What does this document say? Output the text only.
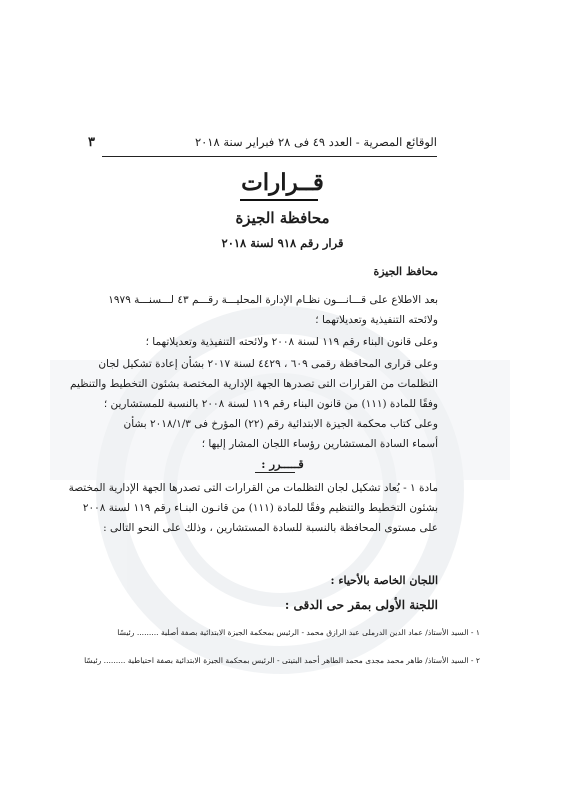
الوقائع المصرية - العدد ٤٩ فى ٢٨ فبراير سنة ٢٠١٨
٣
قــرارات
محافظة الجيزة
قرار رقم ٩١٨ لسنة ٢٠١٨
محافظ الجيزة
بعد الاطلاع على قـــانـــون نظـام الإدارة المحليـــة رقـــم ٤٣ لـــسنـــة ١٩٧٩
ولائحته التنفيذية وتعديلاتهما ؛
وعلى قانون البناء رقم ١١٩ لسنة ٢٠٠٨ ولائحته التنفيذية وتعديلاتهما ؛
وعلى قرارى المحافظة رقمى ٦٠٩ ، ٤٤٢٩ لسنة ٢٠١٧ بشأن إعادة تشكيل لجان
التظلمات من القرارات التى تصدرها الجهة الإدارية المختصة بشئون التخطيط والتنظيم
وفقًا للمادة (١١١) من قانون البناء رقم ١١٩ لسنة ٢٠٠٨ بالنسبة للمستشارين ؛
وعلى كتاب محكمة الجيزة الابتدائية رقم (٢٢) المؤرخ فى ٢٠١٨/١/٣ بشأن
أسماء السادة المستشارين رؤساء اللجان المشار إليها ؛
قـــــرر :
مادة ١ - يُعاد تشكيل لجان التظلمات من القرارات التى تصدرها الجهة الإدارية المختصة
بشئون التخطيط والتنظيم وفقًا للمادة (١١١) من قانـون البنـاء رقم ١١٩ لسنة ٢٠٠٨
على مستوى المحافظة بالنسبة للسادة المستشارين ، وذلك على النحو التالى :
اللجان الخاصة بالأحياء :
اللجنة الأولى بمقر حى الدقى :
١ - السيد الأستاذ/ عماد الدين الدرملى عبد الرازق محمد - الرئيس بمحكمة الجيزة الابتدائية بصفة أصلية ......... رئيسًا
٢ - السيد الأستاذ/ طاهر محمد مجدى محمد الطاهر أحمد البتيتى - الرئيس بمحكمة الجيزة الابتدائية بصفة احتياطية ......... رئيسًا
